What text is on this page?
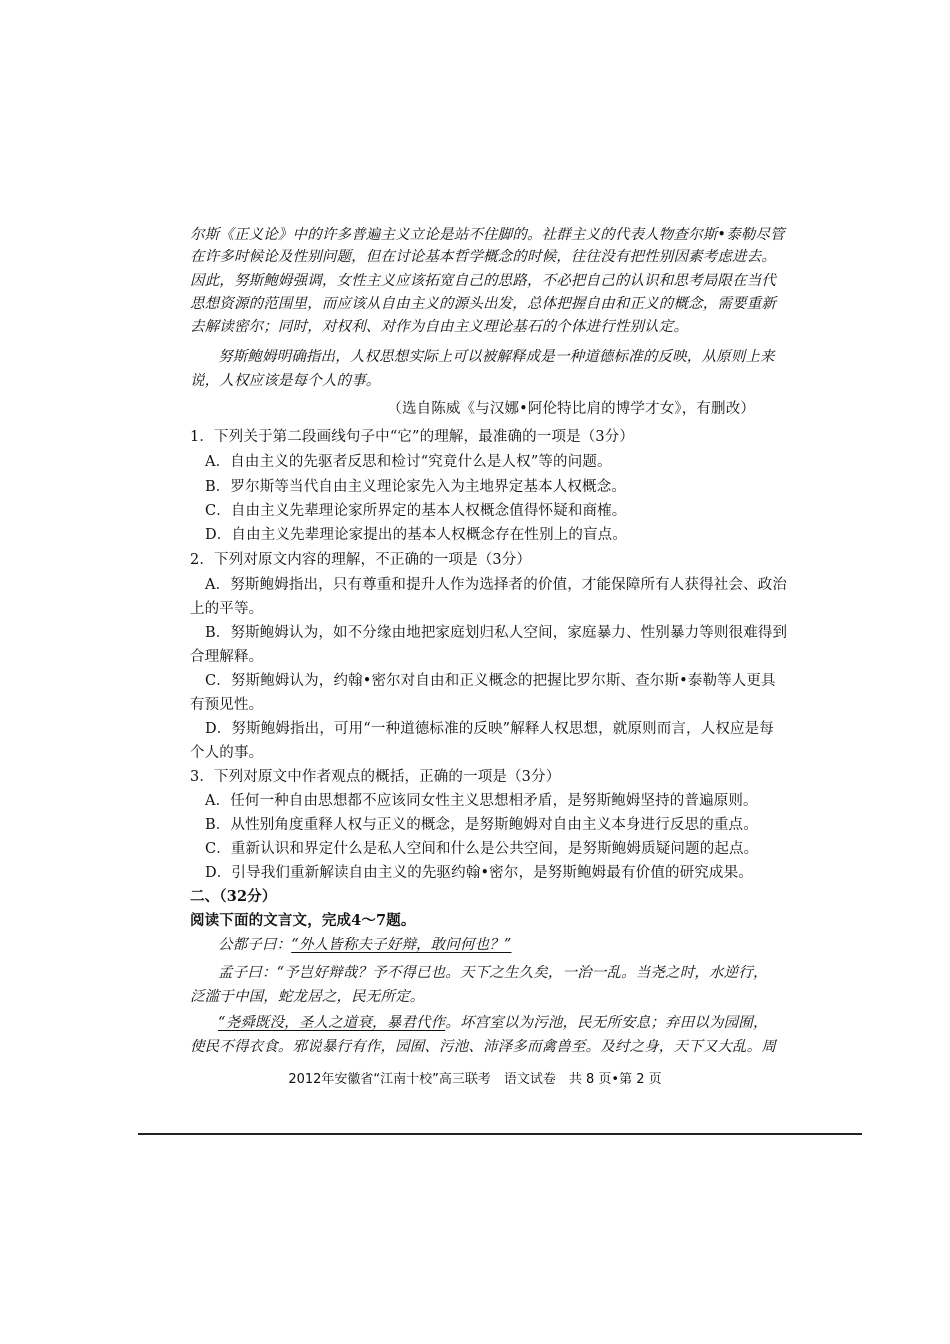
尔斯《正义论》中的许多普遍主义立论是站不住脚的。社群主义的代表人物查尔斯•泰勒尽管
在许多时候论及性别问题，但在讨论基本哲学概念的时候，往往没有把性别因素考虑进去。
因此，努斯鲍姆强调，女性主义应该拓宽自己的思路，不必把自己的认识和思考局限在当代
思想资源的范围里，而应该从自由主义的源头出发，总体把握自由和正义的概念，需要重新
去解读密尔；同时，对权利、对作为自由主义理论基石的个体进行性别认定。
努斯鲍姆明确指出，人权思想实际上可以被解释成是一种道德标准的反映，从原则上来
说，人权应该是每个人的事。
（选自陈威《与汉娜•阿伦特比肩的博学才女》，有删改）
1．下列关于第二段画线句子中“它”的理解，最准确的一项是（3分）
A．自由主义的先驱者反思和检讨“究竟什么是人权”等的问题。
B．罗尔斯等当代自由主义理论家先入为主地界定基本人权概念。
C．自由主义先辈理论家所界定的基本人权概念值得怀疑和商榷。
D．自由主义先辈理论家提出的基本人权概念存在性别上的盲点。
2．下列对原文内容的理解，不正确的一项是（3分）
A．努斯鲍姆指出，只有尊重和提升人作为选择者的价值，才能保障所有人获得社会、政治
上的平等。
B．努斯鲍姆认为，如不分缘由地把家庭划归私人空间，家庭暴力、性别暴力等则很难得到
合理解释。
C．努斯鲍姆认为，约翰•密尔对自由和正义概念的把握比罗尔斯、查尔斯•泰勒等人更具
有预见性。
D．努斯鲍姆指出，可用“一种道德标准的反映”解释人权思想，就原则而言，人权应是每
个人的事。
3．下列对原文中作者观点的概括，正确的一项是（3分）
A．任何一种自由思想都不应该同女性主义思想相矛盾，是努斯鲍姆坚持的普遍原则。
B．从性别角度重释人权与正义的概念，是努斯鲍姆对自由主义本身进行反思的重点。
C．重新认识和界定什么是私人空间和什么是公共空间，是努斯鲍姆质疑问题的起点。
D．引导我们重新解读自由主义的先驱约翰•密尔，是努斯鲍姆最有价值的研究成果。
二、（32分）
阅读下面的文言文，完成4～7题。
公都子曰：“外人皆称夫子好辩，敢问何也？”
孟子曰：“予岂好辩哉？予不得已也。天下之生久矣，一治一乱。当尧之时，水逆行，
泛滥于中国，蛇龙居之，民无所定。
“尧舜既没，圣人之道衰，暴君代作。坏宫室以为污池，民无所安息；弃田以为园囿，
使民不得衣食。邪说暴行有作，园囿、污池、沛泽多而禽兽至。及纣之身，天下又大乱。周
2012年安徽省“江南十校”高三联考　语文试卷　共 8 页•第 2 页
